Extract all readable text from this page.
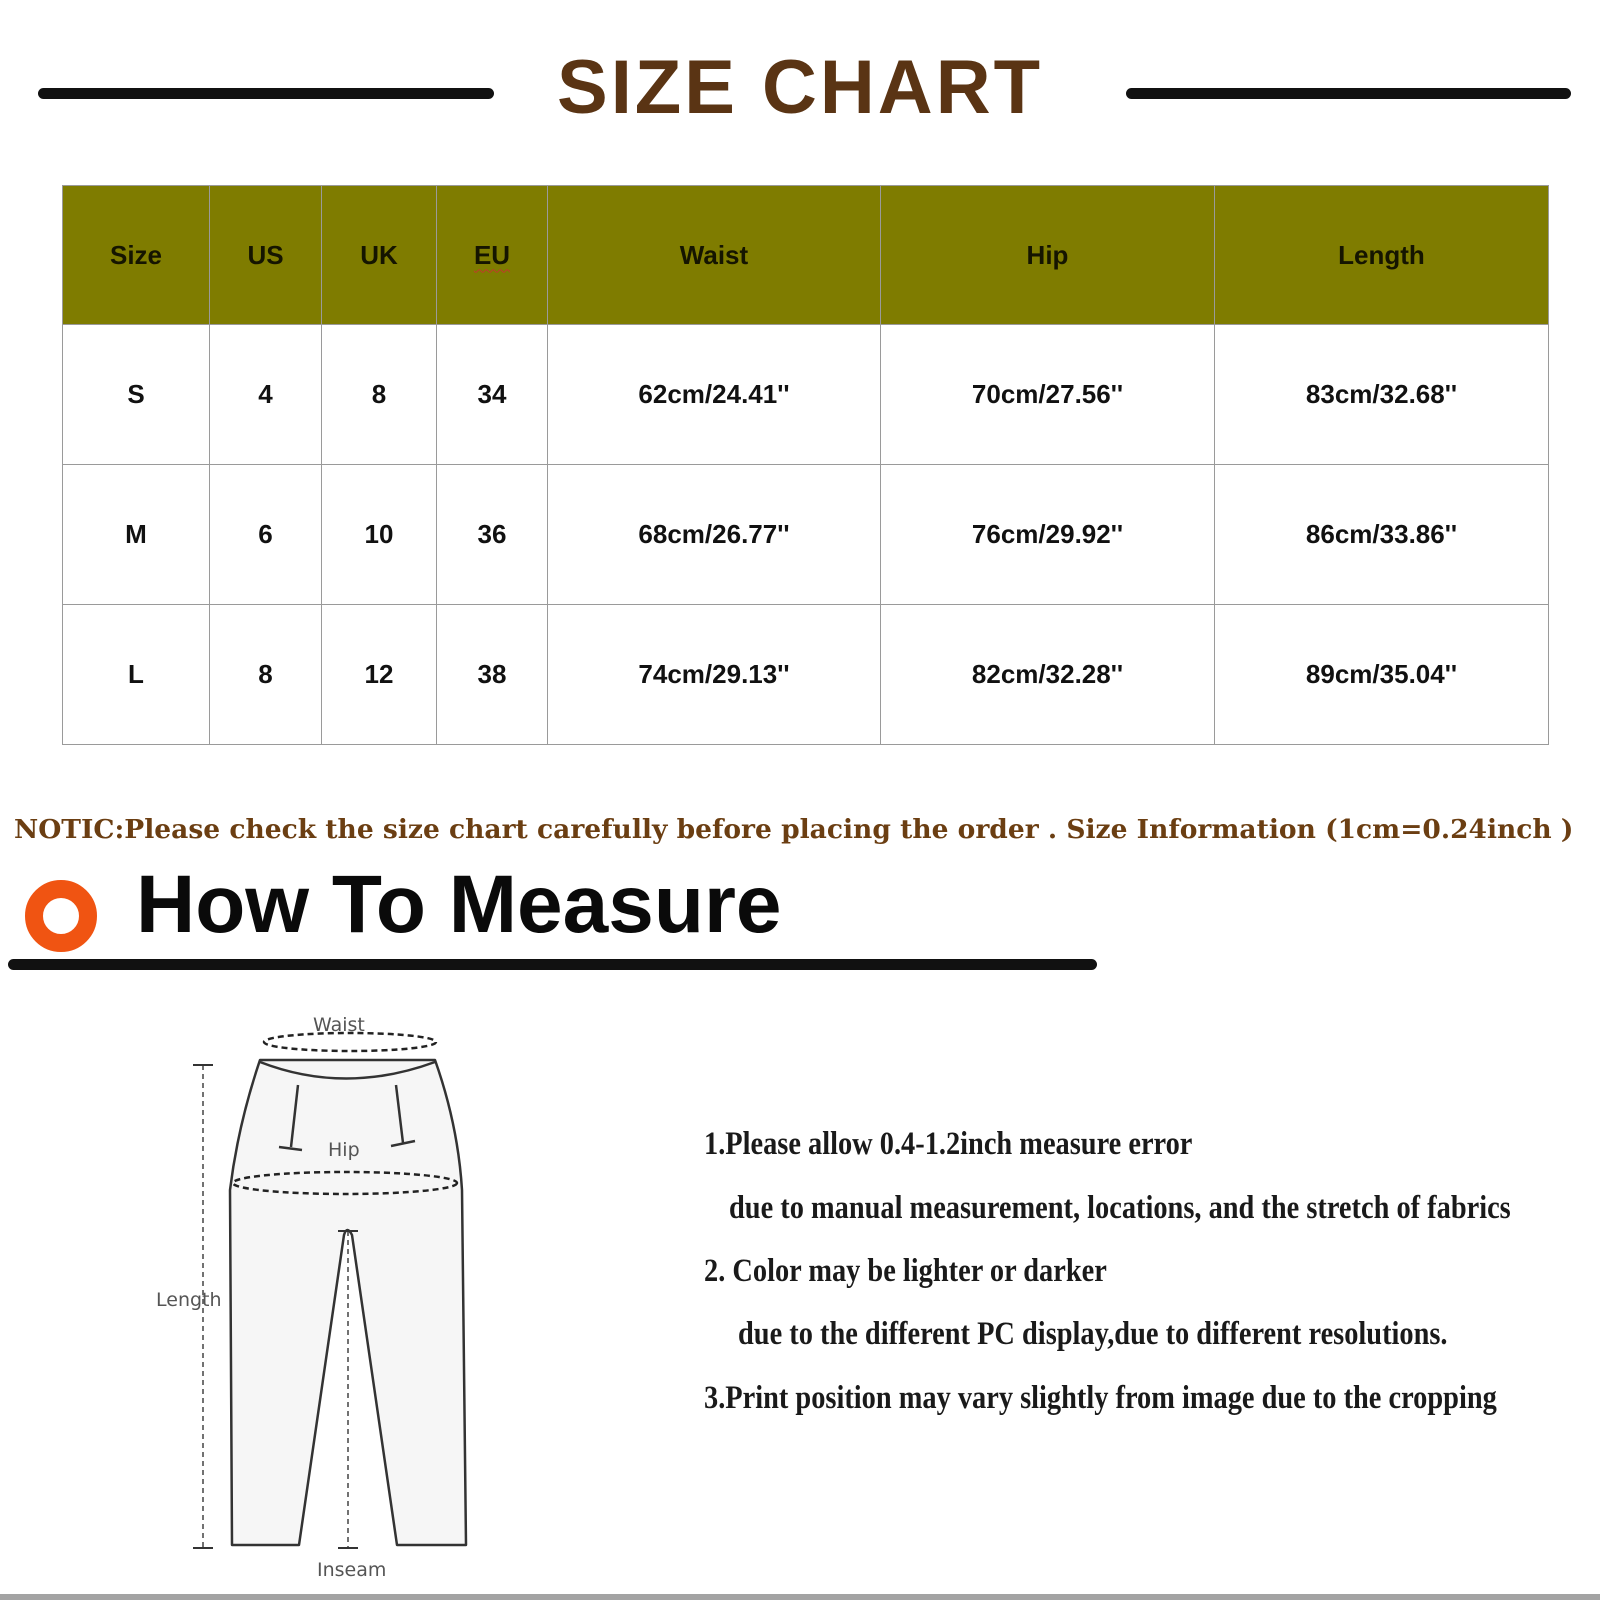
SIZE CHART
Size	US	UK	EU	Waist	Hip	Length
S	4	8	34	62cm/24.41''	70cm/27.56''	83cm/32.68''
M	6	10	36	68cm/26.77''	76cm/29.92''	86cm/33.86''
L	8	12	38	74cm/29.13''	82cm/32.28''	89cm/35.04''
NOTIC:Please check the size chart carefully before placing the order . Size Information (1cm=0.24inch )
How To Measure
Waist
Hip
Length
Inseam
1.Please allow 0.4-1.2inch measure error
due to manual measurement, locations, and the stretch of fabrics
2. Color may be lighter or darker
due to the different PC display,due to different resolutions.
3.Print position may vary slightly from image due to the cropping
